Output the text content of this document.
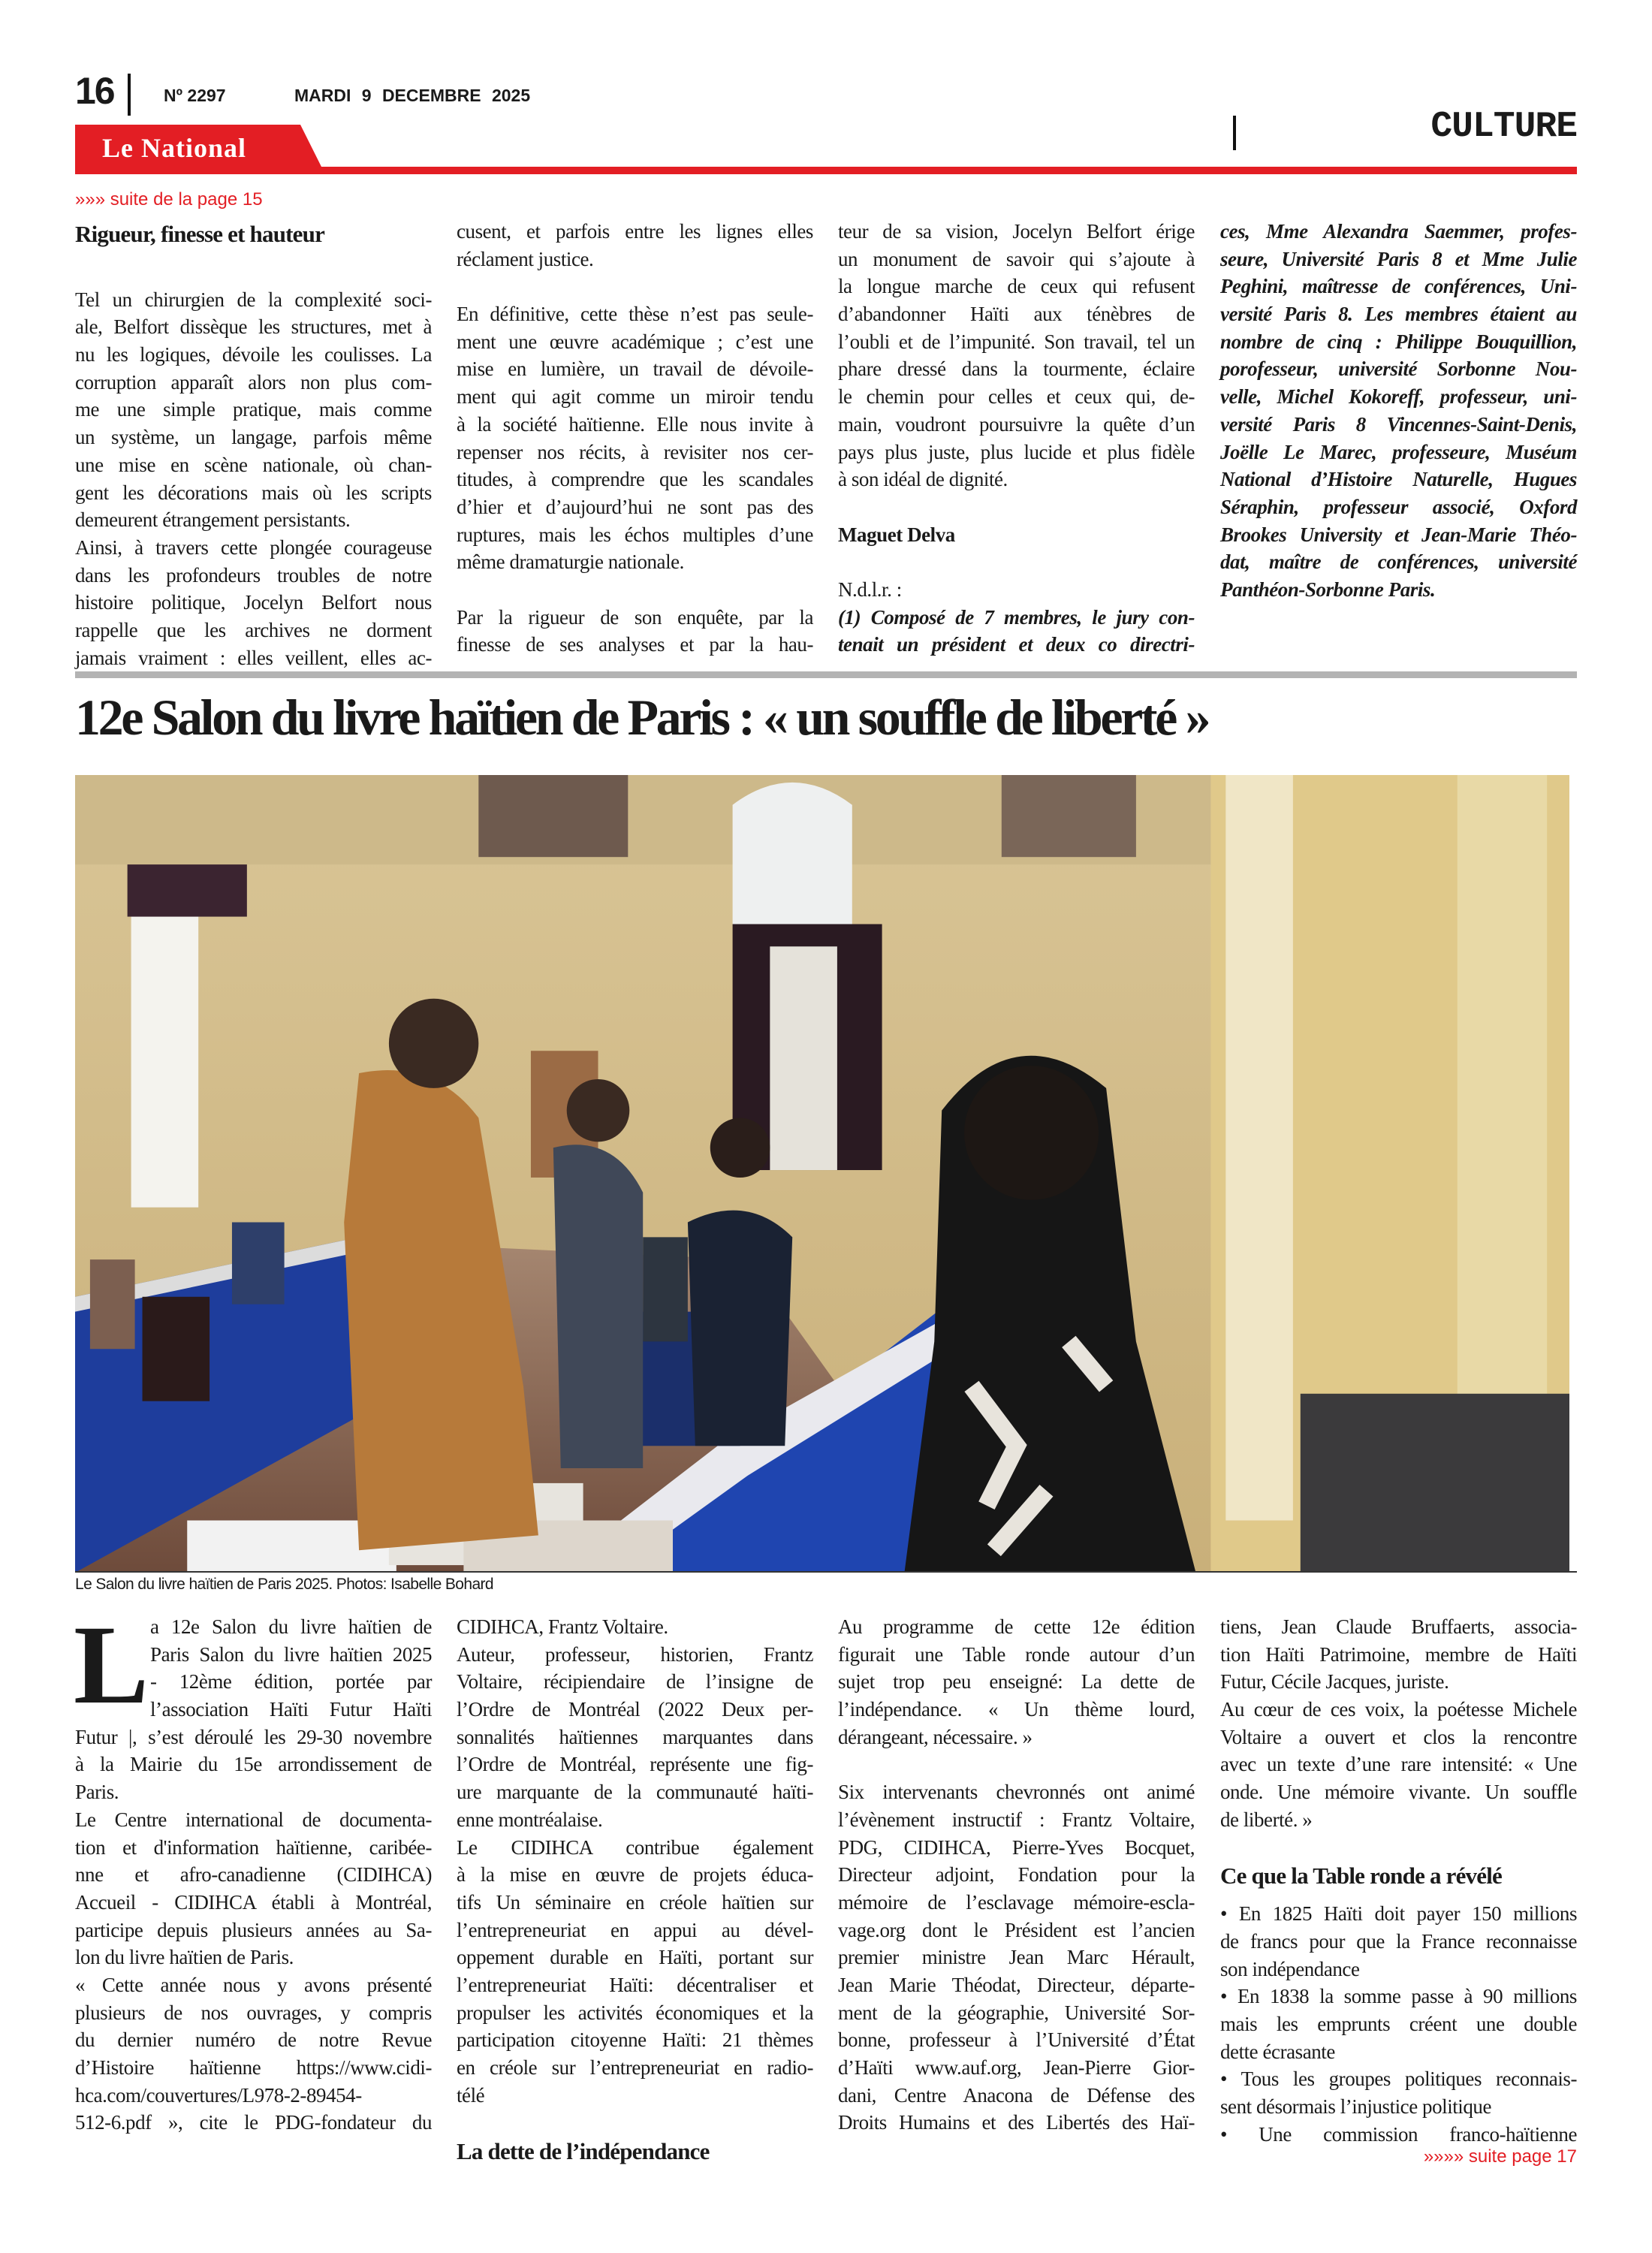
16	Nº 2297	MARDI 9 DECEMBRE 2025
Le National
CULTURE
»»» suite de la page 15
Rigueur, finesse et hauteur
Tel un chirurgien de la complexité soci-
ale, Belfort dissèque les structures, met à
nu les logiques, dévoile les coulisses. La
corruption apparaît alors non plus com-
me une simple pratique, mais comme
un système, un langage, parfois même
une mise en scène nationale, où chan-
gent les décorations mais où les scripts
demeurent étrangement persistants.
Ainsi, à travers cette plongée courageuse
dans les profondeurs troubles de notre
histoire politique, Jocelyn Belfort nous
rappelle que les archives ne dorment
jamais vraiment : elles veillent, elles ac-
cusent, et parfois entre les lignes elles
réclament justice.
En définitive, cette thèse n’est pas seule-
ment une œuvre académique ; c’est une
mise en lumière, un travail de dévoile-
ment qui agit comme un miroir tendu
à la société haïtienne. Elle nous invite à
repenser nos récits, à revisiter nos cer-
titudes, à comprendre que les scandales
d’hier et d’aujourd’hui ne sont pas des
ruptures, mais les échos multiples d’une
même dramaturgie nationale.
Par la rigueur de son enquête, par la
finesse de ses analyses et par la hau-
teur de sa vision, Jocelyn Belfort érige
un monument de savoir qui s’ajoute à
la longue marche de ceux qui refusent
d’abandonner Haïti aux ténèbres de
l’oubli et de l’impunité. Son travail, tel un
phare dressé dans la tourmente, éclaire
le chemin pour celles et ceux qui, de-
main, voudront poursuivre la quête d’un
pays plus juste, plus lucide et plus fidèle
à son idéal de dignité.
Maguet Delva
N.d.l.r. :
(1) Composé de 7 membres, le jury con-
tenait un président et deux co directri-
ces, Mme Alexandra Saemmer, profes-
seure, Université Paris 8 et Mme Julie
Peghini, maîtresse de conférences, Uni-
versité Paris 8. Les membres étaient au
nombre de cinq : Philippe Bouquillion,
porofesseur, université Sorbonne Nou-
velle, Michel Kokoreff, professeur, uni-
versité Paris 8 Vincennes-Saint-Denis,
Joëlle Le Marec, professeure, Muséum
National d’Histoire Naturelle, Hugues
Séraphin, professeur associé, Oxford
Brookes University et Jean-Marie Théo-
dat, maître de conférences, université
Panthéon-Sorbonne Paris.
12e Salon du livre haïtien de Paris : « un souffle de liberté »
Le Salon du livre haïtien de Paris 2025. Photos: Isabelle Bohard
L a 12e Salon du livre haïtien de
Paris Salon du livre haïtien 2025
- 12ème édition, portée par
l’association Haïti Futur Haïti
Futur |, s’est déroulé les 29-30 novembre
à la Mairie du 15e arrondissement de
Paris.
Le Centre international de documenta-
tion et d'information haïtienne, caribée-
nne et afro-canadienne (CIDIHCA)
Accueil - CIDIHCA établi à Montréal,
participe depuis plusieurs années au Sa-
lon du livre haïtien de Paris.
« Cette année nous y avons présenté
plusieurs de nos ouvrages, y compris
du dernier numéro de notre Revue
d’Histoire haïtienne https://www.cidi-
hca.com/couvertures/L978-2-89454-
512-6.pdf », cite le PDG-fondateur du
CIDIHCA, Frantz Voltaire.
Auteur, professeur, historien, Frantz
Voltaire, récipiendaire de l’insigne de
l’Ordre de Montréal (2022 Deux per-
sonnalités haïtiennes marquantes dans
l’Ordre de Montréal, représente une fig-
ure marquante de la communauté haïti-
enne montréalaise.
Le CIDIHCA contribue également
à la mise en œuvre de projets éduca-
tifs Un séminaire en créole haïtien sur
l’entrepreneuriat en appui au dével-
oppement durable en Haïti, portant sur
l’entrepreneuriat Haïti: décentraliser et
propulser les activités économiques et la
participation citoyenne Haïti: 21 thèmes
en créole sur l’entrepreneuriat en radio-
télé
La dette de l’indépendance
Au programme de cette 12e édition
figurait une Table ronde autour d’un
sujet trop peu enseigné: La dette de
l’indépendance. « Un thème lourd,
dérangeant, nécessaire. »
Six intervenants chevronnés ont animé
l’évènement instructif : Frantz Voltaire,
PDG, CIDIHCA, Pierre-Yves Bocquet,
Directeur adjoint, Fondation pour la
mémoire de l’esclavage mémoire-escla-
vage.org dont le Président est l’ancien
premier ministre Jean Marc Hérault,
Jean Marie Théodat, Directeur, départe-
ment de la géographie, Université Sor-
bonne, professeur à l’Université d’État
d’Haïti www.auf.org, Jean-Pierre Gior-
dani, Centre Anacona de Défense des
Droits Humains et des Libertés des Haï-
tiens, Jean Claude Bruffaerts, associa-
tion Haïti Patrimoine, membre de Haïti
Futur, Cécile Jacques, juriste.
Au cœur de ces voix, la poétesse Michele
Voltaire a ouvert et clos la rencontre
avec un texte d’une rare intensité: « Une
onde. Une mémoire vivante. Un souffle
de liberté. »
Ce que la Table ronde a révélé
• En 1825 Haïti doit payer 150 millions
de francs pour que la France reconnaisse
son indépendance
• En 1838 la somme passe à 90 millions
mais les emprunts créent une double
dette écrasante
• Tous les groupes politiques reconnais-
sent désormais l’injustice politique
• Une commission franco-haïtienne
»»»» suite page 17
